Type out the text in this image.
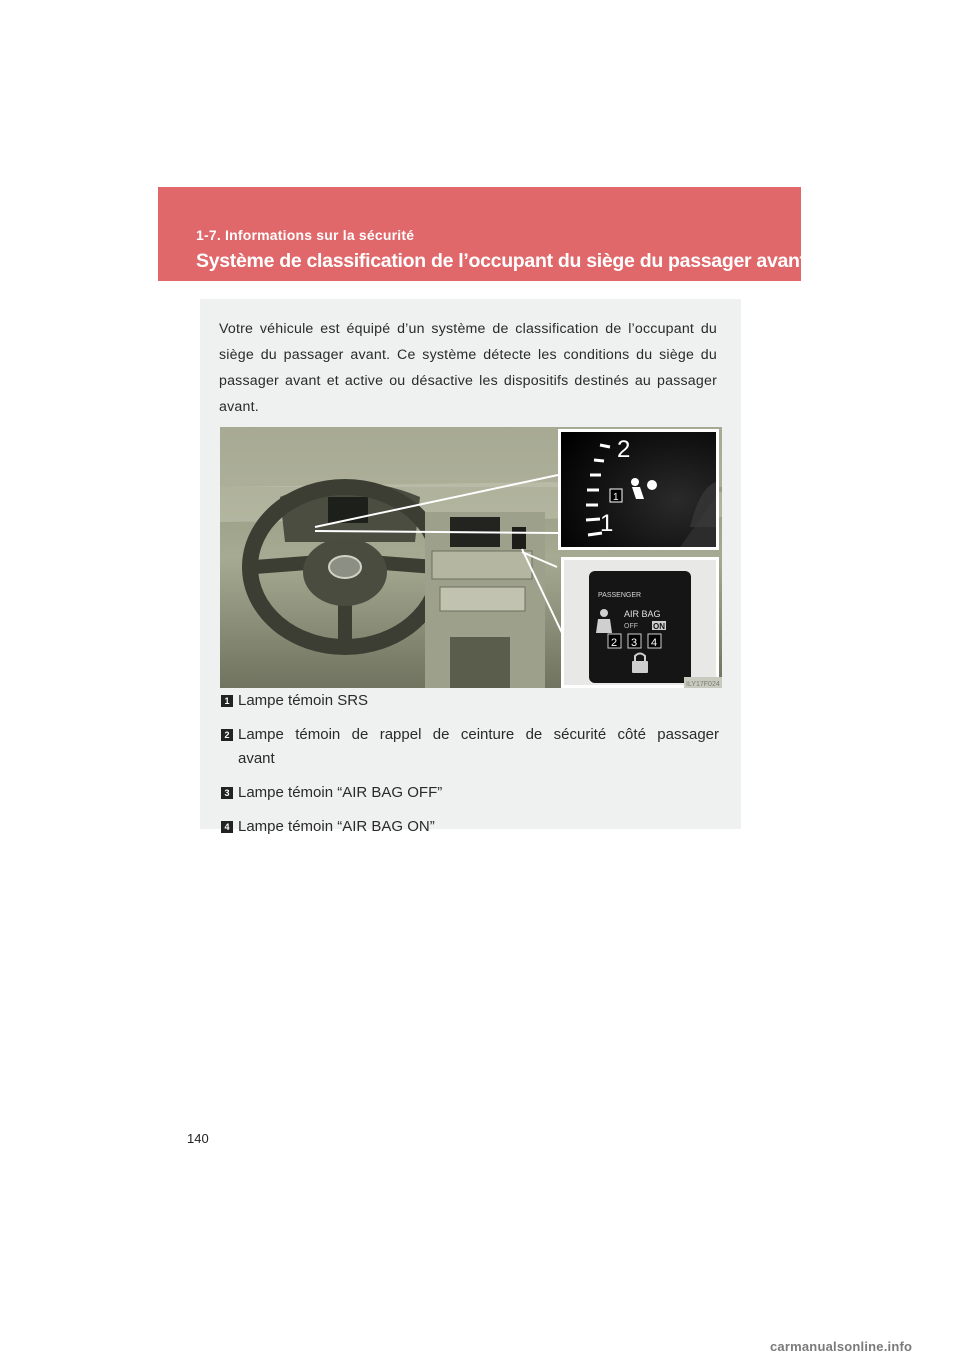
1-7. Informations sur la sécurité
Système de classification de l’occupant du siège du passager avant
Votre véhicule est équipé d’un système de classification de l’occupant du siège du passager avant. Ce système détecte les conditions du siège du passager avant et active ou désactive les dispositifs destinés au passager avant.
2
1
1
PASSENGER
AIR BAG
OFF ON
2 3 4
ILY17F024
1 Lampe témoin SRS
2 Lampe témoin de rappel de ceinture de sécurité côté passager avant
3 Lampe témoin “AIR BAG OFF”
4 Lampe témoin “AIR BAG ON”
140
carmanualsonline.info
